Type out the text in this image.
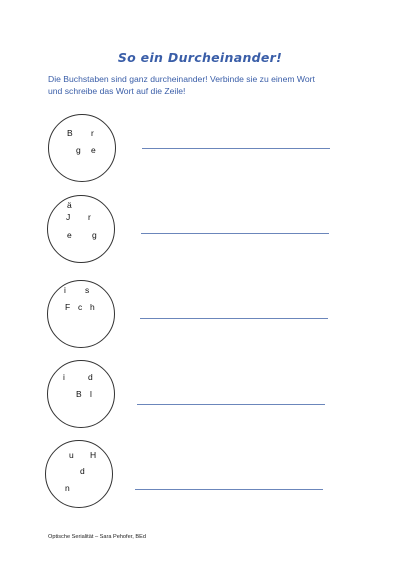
So ein Durcheinander!
Die Buchstaben sind ganz durcheinander! Verbinde sie zu einem Wort
und schreibe das Wort auf die Zeile!
B r
g e
ä
J r
e g
i s
F c h
i	d
B l
u H
d
n
Optische Serialität – Sara Pehofer, BEd
